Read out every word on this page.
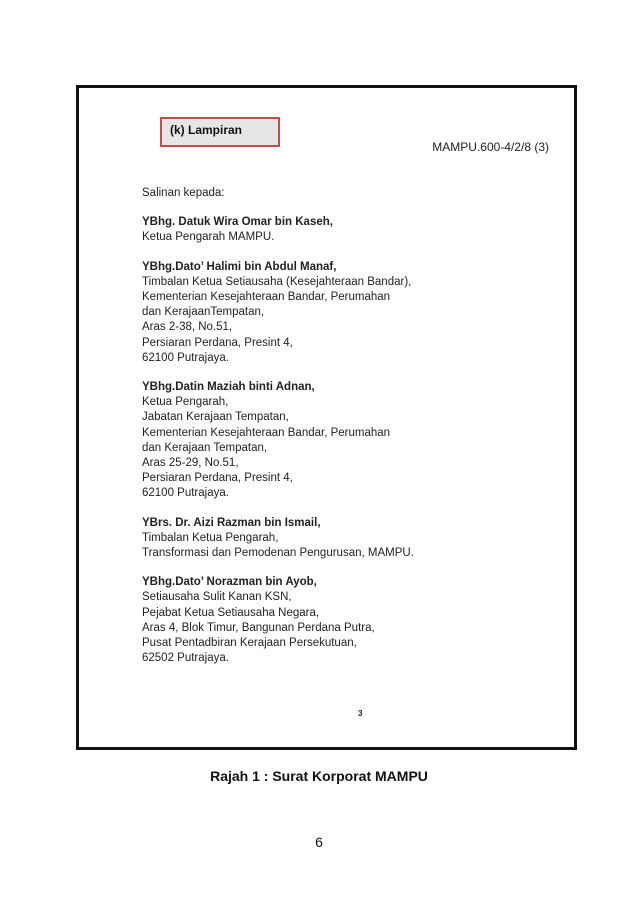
(k) Lampiran
MAMPU.600-4/2/8 (3)
Salinan kepada:
YBhg. Datuk Wira Omar bin Kaseh,
Ketua Pengarah MAMPU.
YBhg.Dato’ Halimi bin Abdul Manaf,
Timbalan Ketua Setiausaha (Kesejahteraan Bandar),
Kementerian Kesejahteraan Bandar, Perumahan
dan KerajaanTempatan,
Aras 2-38, No.51,
Persiaran Perdana, Presint 4,
62100 Putrajaya.
YBhg.Datin Maziah binti Adnan,
Ketua Pengarah,
Jabatan Kerajaan Tempatan,
Kementerian Kesejahteraan Bandar, Perumahan
dan Kerajaan Tempatan,
Aras 25-29, No.51,
Persiaran Perdana, Presint 4,
62100 Putrajaya.
YBrs. Dr. Aizi Razman bin Ismail,
Timbalan Ketua Pengarah,
Transformasi dan Pemodenan Pengurusan, MAMPU.
YBhg.Dato’ Norazman bin Ayob,
Setiausaha Sulit Kanan KSN,
Pejabat Ketua Setiausaha Negara,
Aras 4, Blok Timur, Bangunan Perdana Putra,
Pusat Pentadbiran Kerajaan Persekutuan,
62502 Putrajaya.
3
Rajah 1 : Surat Korporat MAMPU
6
